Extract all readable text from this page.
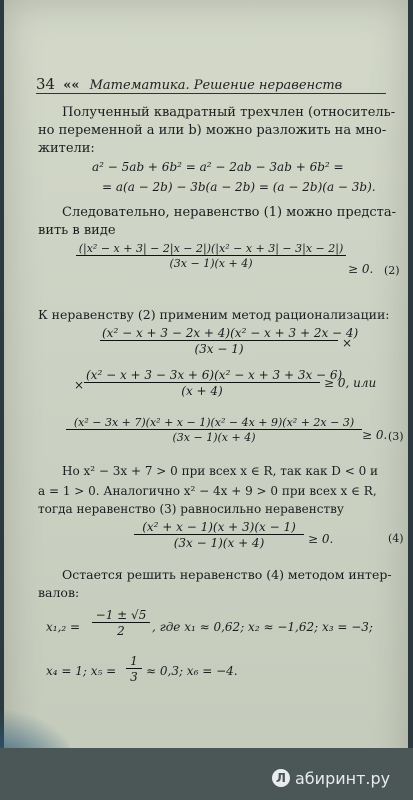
34 «« Математика. Решение неравенств
Полученный квадратный трехчлен (относитель-
но переменной a или b) можно разложить на мно-
жители:
a² − 5ab + 6b² = a² − 2ab − 3ab + 6b² =
= a(a − 2b) − 3b(a − 2b) = (a − 2b)(a − 3b).
Следовательно, неравенство (1) можно предста-
вить в виде
$\frac{\text{(|x² − x + 3| − 2|x − 2|)(|x² − x + 3| − 3|x − 2|)}}{(3x - 1)(x + 4)} \ge 0$. (2)
К неравенству (2) применим метод рационализации:
$\frac{\text{(x² − x + 3 − 2x + 4)(x² − x + 3 + 2x − 4)}}{(3x - 1)}$ ×
× $\frac{\text{(x² − x + 3 − 3x + 6)(x² − x + 3 + 3x − 6)}}{(x + 4)} \ge 0$, или
$\frac{\text{(x² − 3x + 7)(x² + x − 1)(x² − 4x + 9)(x² + 2x − 3)}}{(3x - 1)(x + 4)} \ge 0$. (3)
Но x² − 3x + 7 > 0 при всех x ∈ R, так как D < 0 и
a = 1 > 0. Аналогично x² − 4x + 9 > 0 при всех x ∈ R,
тогда неравенство (3) равносильно неравенству
$\frac{\text{(x² + x − 1)(x + 3)(x − 1)}}{(3x - 1)(x + 4)} \ge 0$.	(4)
Остается решить неравенство (4) методом интер-
валов:
$x_1,_2 = \frac{-1 \pm √5}{2}$ , где x₁ ≈ 0,62; x₂ ≈ −1,62; x₃ = −3;
x₄ = 1; $x_5 = \frac{1}{3} \approx 0,3$; x₆ = −4.
Л абиринт.ру
